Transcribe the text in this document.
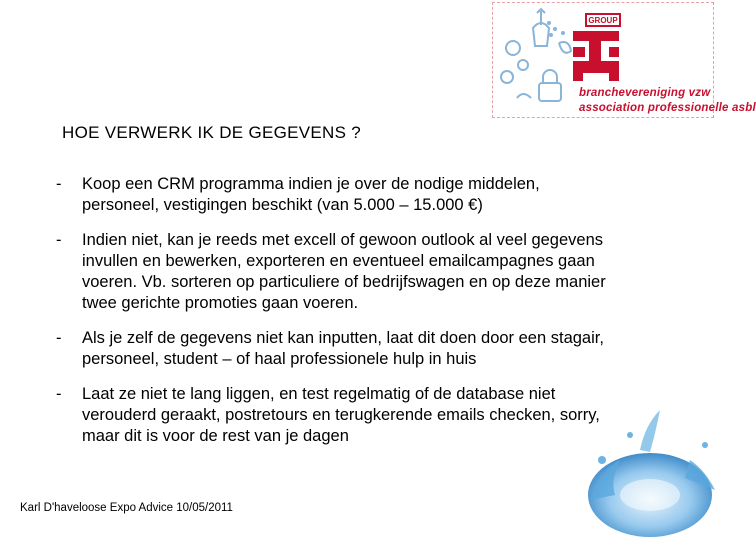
GROUP
branchevereniging vzw
association professionelle asbl
HOE VERWERK IK DE GEGEVENS ?
- Koop een CRM programma indien je over de nodige middelen, personeel, vestigingen beschikt (van 5.000 – 15.000 €)
- Indien niet, kan je reeds met excell of gewoon outlook al veel gegevens invullen en bewerken, exporteren en eventueel emailcampagnes gaan voeren. Vb. sorteren op particuliere of bedrijfswagen en op deze manier twee gerichte promoties gaan voeren.
- Als je zelf de gegevens niet kan inputten, laat dit doen door een stagair, personeel, student – of haal professionele hulp in huis
- Laat ze niet te lang liggen, en test regelmatig of de database niet verouderd geraakt, postretours en terugkerende emails checken, sorry, maar dit is voor de rest van je dagen
Karl D'haveloose Expo Advice 10/05/2011
